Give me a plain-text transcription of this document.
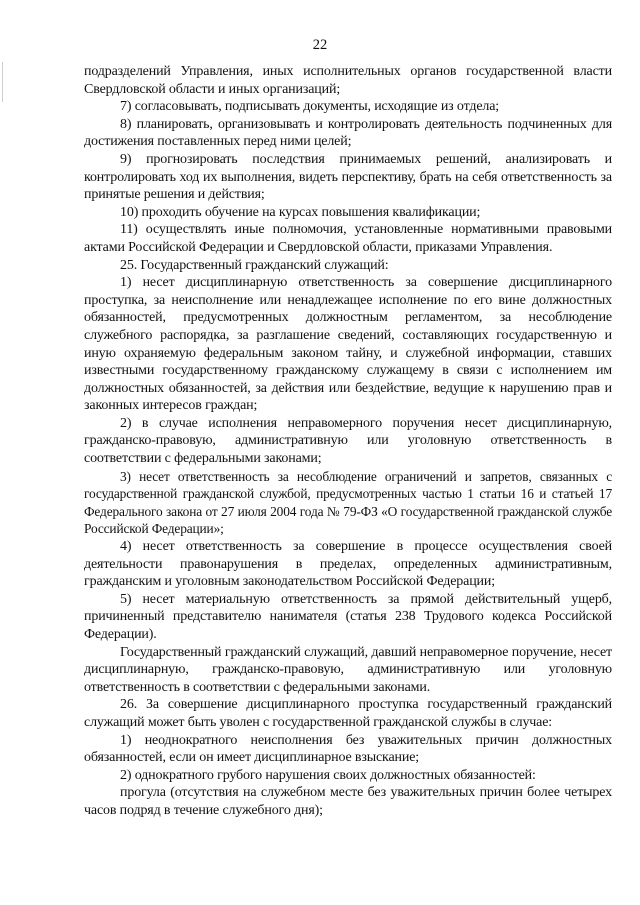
22

подразделений Управления, иных исполнительных органов государственной власти Свердловской области и иных организаций;

7) согласовывать, подписывать документы, исходящие из отдела;

8) планировать, организовывать и контролировать деятельность подчиненных для достижения поставленных перед ними целей;

9) прогнозировать последствия принимаемых решений, анализировать и контролировать ход их выполнения, видеть перспективу, брать на себя ответственность за принятые решения и действия;

10) проходить обучение на курсах повышения квалификации;

11) осуществлять иные полномочия, установленные нормативными правовыми актами Российской Федерации и Свердловской области, приказами Управления.

25. Государственный гражданский служащий:

1) несет дисциплинарную ответственность за совершение дисциплинарного проступка, за неисполнение или ненадлежащее исполнение по его вине должностных обязанностей, предусмотренных должностным регламентом, за несоблюдение служебного распорядка, за разглашение сведений, составляющих государственную и иную охраняемую федеральным законом тайну, и служебной информации, ставших известными государственному гражданскому служащему в связи с исполнением им должностных обязанностей, за действия или бездействие, ведущие к нарушению прав и законных интересов граждан;

2) в случае исполнения неправомерного поручения несет дисциплинарную, гражданско-правовую, административную или уголовную ответственность в соответствии с федеральными законами;

3) несет ответственность за несоблюдение ограничений и запретов, связанных с государственной гражданской службой, предусмотренных частью 1 статьи 16 и статьей 17 Федерального закона от 27 июля 2004 года № 79-ФЗ «О государственной гражданской службе Российской Федерации»;

4) несет ответственность за совершение в процессе осуществления своей деятельности правонарушения в пределах, определенных административным, гражданским и уголовным законодательством Российской Федерации;

5) несет материальную ответственность за прямой действительный ущерб, причиненный представителю нанимателя (статья 238 Трудового кодекса Российской Федерации).

Государственный гражданский служащий, давший неправомерное поручение, несет дисциплинарную, гражданско-правовую, административную или уголовную ответственность в соответствии с федеральными законами.

26. За совершение дисциплинарного проступка государственный гражданский служащий может быть уволен с государственной гражданской службы в случае:

1) неоднократного неисполнения без уважительных причин должностных обязанностей, если он имеет дисциплинарное взыскание;

2) однократного грубого нарушения своих должностных обязанностей:

прогула (отсутствия на служебном месте без уважительных причин более четырех часов подряд в течение служебного дня);
